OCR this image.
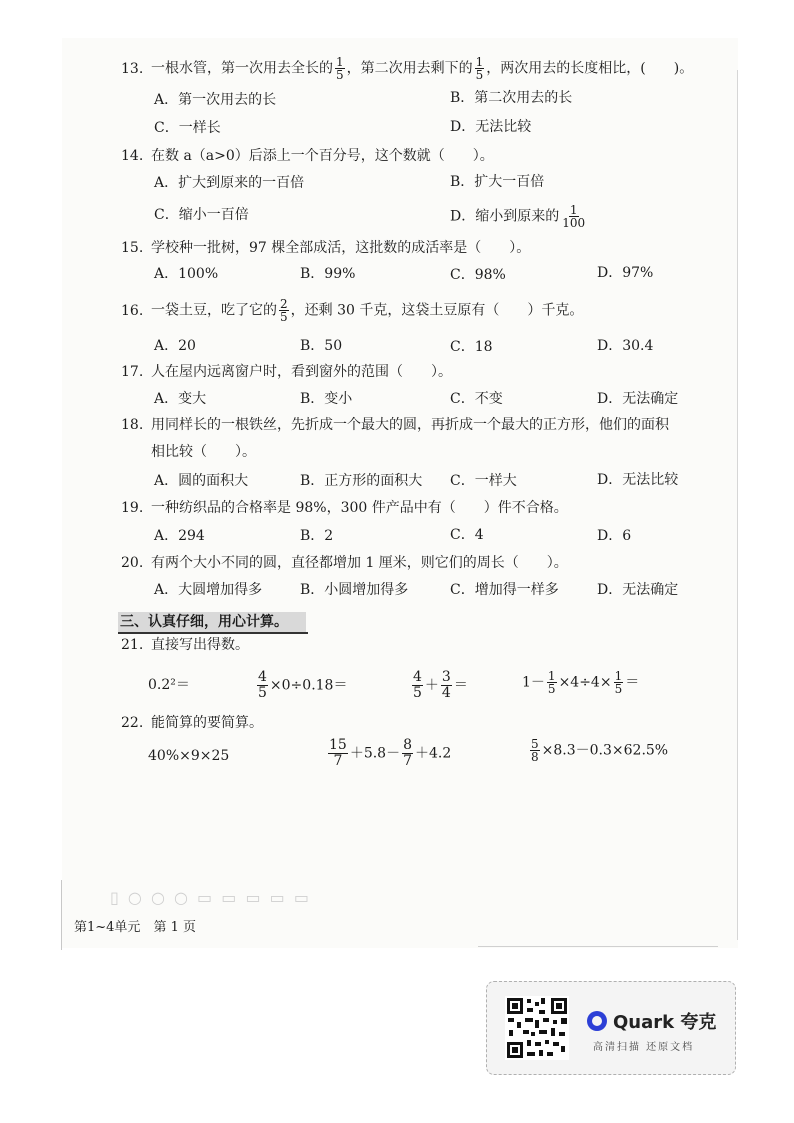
13. 一根水管，第一次用去全长的 $\frac{1}{5}$ ，第二次用去剩下的 $\frac{1}{5}$ ，两次用去的长度相比，(　　)。
A．第一次用去的长	B．第二次用去的长
C．一样长	D．无法比较
14. 在数 a（a>0）后添上一个百分号，这个数就（　　）。
A．扩大到原来的一百倍	B．扩大一百倍
C．缩小一百倍	D．缩小到原来的 $\frac{1}{100}$
15. 学校种一批树，97 棵全部成活，这批数的成活率是（　　）。
A．100%	B．99%	C．98%	D．97%
16. 一袋土豆，吃了它的 $\frac{2}{5}$ ，还剩 30 千克，这袋土豆原有（　　）千克。
A．20	B．50	C．18	D．30.4
17. 人在屋内远离窗户时，看到窗外的范围（　　）。
A．变大	B．变小	C．不变	D．无法确定
18. 用同样长的一根铁丝，先折成一个最大的圆，再折成一个最大的正方形，他们的面积
相比较（　　）。
A．圆的面积大	B．正方形的面积大 C．一样大	D．无法比较
19. 一种纺织品的合格率是 98%，300 件产品中有（　　）件不合格。
A．294	B．2	C．4	D．6
20. 有两个大小不同的圆，直径都增加 1 厘米，则它们的周长（　　）。
A．大圆增加得多	B．小圆增加得多	C．增加得一样多	D．无法确定
三、认真仔细，用心计算。
21. 直接写出得数。
0.2²＝	$\frac{4}{5} \times 0\div 0.18=$	$\frac{4}{5} + \frac{3}{4}$ ＝	$1- \frac{1}{5} \times 4\div 4\times \frac{1}{5}$ ＝
22. 能简算的要简算。
40%×9×25	$\frac{15}{7} +5.8- \frac{8}{7} +4.2$	$\frac{5}{8} \times 8.3-0.3\times 62.5\%$
▯ ○ ○ ○ ▭ ▭ ▭ ▭ ▭
第1~4单元　 第 1 页
Quark 夸克
高清扫描 还原文档
